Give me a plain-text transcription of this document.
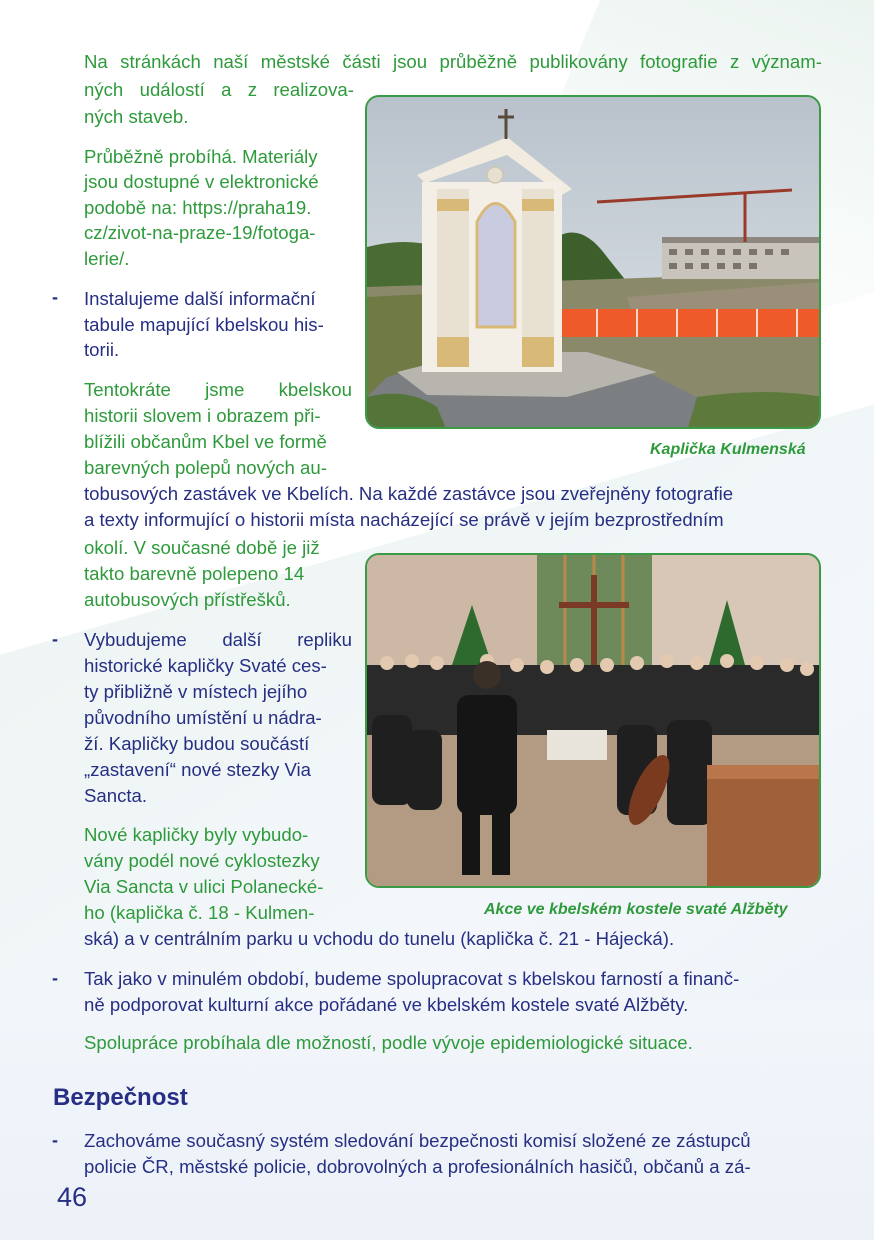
Na stránkách naší městské části jsou průběžně publikovány fotografie z význam-
ných událostí a z realizova-
ných staveb.
Průběžně probíhá. Materiály
jsou dostupné v elektronické
podobě na: https://praha19.
cz/zivot-na-praze-19/fotoga-
lerie/.
- Instalujeme další informační
tabule mapující kbelskou his-
torii.
Tentokráte jsme kbelskou
historii slovem i obrazem při-
blížili občanům Kbel ve formě
barevných polepů nových au-
tobusových zastávek ve Kbelích. Na každé zastávce jsou zveřejněny fotografie
a texty informující o historii místa nacházející se právě v jejím bezprostředním
okolí. V současné době je již
takto barevně polepeno 14
autobusových přístřešků.
- Vybudujeme další repliku
historické kapličky Svaté ces-
ty přibližně v místech jejího
původního umístění u nádra-
ží. Kapličky budou součástí
„zastavení“ nové stezky Via
Sancta.
Nové kapličky byly vybudo-
vány podél nové cyklostezky
Via Sancta v ulici Polanecké-
ho (kaplička č. 18 - Kulmen-
ská) a v centrálním parku u vchodu do tunelu (kaplička č. 21 - Hájecká).
- Tak jako v minulém období, budeme spolupracovat s kbelskou farností a finanč-
ně podporovat kulturní akce pořádané ve kbelském kostele svaté Alžběty.
Spolupráce probíhala dle možností, podle vývoje epidemiologické situace.
Bezpečnost
- Zachováme současný systém sledování bezpečnosti komisí složené ze zástupců
policie ČR, městské policie, dobrovolných a profesionálních hasičů, občanů a zá-
46
Kaplička Kulmenská
Akce ve kbelském kostele svaté Alžběty
